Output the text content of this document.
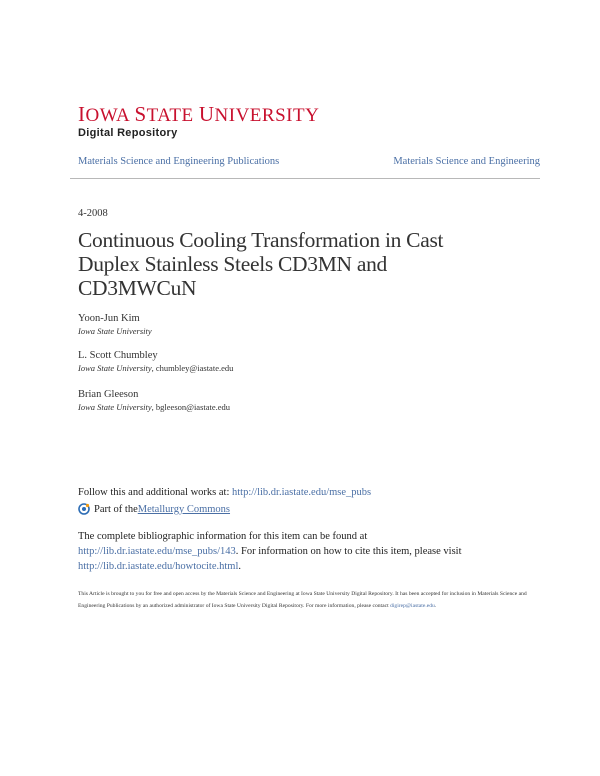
IOWA STATE UNIVERSITY
Digital Repository
Materials Science and Engineering Publications	Materials Science and Engineering
4-2008
Continuous Cooling Transformation in Cast Duplex Stainless Steels CD3MN and CD3MWCuN
Yoon-Jun Kim
Iowa State University
L. Scott Chumbley
Iowa State University, chumbley@iastate.edu
Brian Gleeson
Iowa State University, bgleeson@iastate.edu
Follow this and additional works at: http://lib.dr.iastate.edu/mse_pubs
Part of the Metallurgy Commons
The complete bibliographic information for this item can be found at http://lib.dr.iastate.edu/mse_pubs/143. For information on how to cite this item, please visit http://lib.dr.iastate.edu/howtocite.html.
This Article is brought to you for free and open access by the Materials Science and Engineering at Iowa State University Digital Repository. It has been accepted for inclusion in Materials Science and Engineering Publications by an authorized administrator of Iowa State University Digital Repository. For more information, please contact digirep@iastate.edu.
